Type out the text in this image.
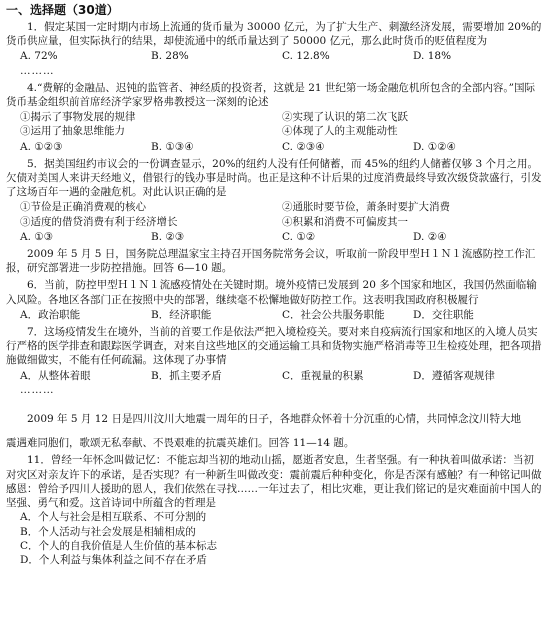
一、选择题（30道）

1．假定某国一定时期内市场上流通的货币量为 30000 亿元，为了扩大生产、刺激经济发展，需要增加 20%的货币供应量，但实际执行的结果，却使流通中的纸币量达到了 50000 亿元，那么此时货币的贬值程度为

A. 72%	B. 28%	C. 12.8%	D. 18%
………

4.“费解的金融品、迟钝的监管者、神经质的投资者，这就是 21 世纪第一场金融危机所包含的全部内容。”国际货币基金组织前首席经济学家罗格弗教授这一深刻的论述

①揭示了事物发展的规律	②实现了认识的第二次飞跃
③运用了抽象思维能力	④体现了人的主观能动性
A. ①②③	B. ①③④	C. ②③④	D. ①②④

5．据美国纽约市议会的一份调查显示，20%的纽约人没有任何储蓄，而 45%的纽约人储蓄仅够 3 个月之用。欠债对美国人来讲天经地义，借银行的钱办事是时尚。也正是这种不计后果的过度消费最终导致次级贷款盛行，引发了这场百年一遇的金融危机。对此认识正确的是

①节俭是正确消费观的核心	②通胀时要节俭，萧条时要扩大消费
③适度的借贷消费有利于经济增长	④积累和消费不可偏废其一
A. ①③	B. ②③	C. ①②	D. ②④

2009 年 5 月 5 日，国务院总理温家宝主持召开国务院常务会议，听取前一阶段甲型Ｈ１Ｎ１流感防控工作汇报，研究部署进一步防控措施。回答 6—10 题。

6．当前，防控甲型Ｈ１Ｎ１流感疫情处在关键时期。境外疫情已发展到 20 多个国家和地区，我国仍然面临输入风险。各地区各部门正在按照中央的部署，继续毫不松懈地做好防控工作。这表明我国政府积极履行

A．政治职能	B．经济职能	C．社会公共服务职能	D．交往职能

7．这场疫情发生在境外，当前的首要工作是依法严把入境检疫关。要对来自疫病流行国家和地区的入境人员实行严格的医学排查和跟踪医学调查，对来自这些地区的交通运输工具和货物实施严格消毒等卫生检疫处理，把各项措施做细做实，不能有任何疏漏。这体现了办事情

A．从整体着眼	B．抓主要矛盾	C．重视量的积累	D．遵循客观规律
………

2009 年 5 月 12 日是四川汶川大地震一周年的日子，各地群众怀着十分沉重的心情，共同悼念汶川特大地

震遇难同胞们，歌颂无私奉献、不畏艰难的抗震英雄们。回答 11—14 题。

11．曾经一年怀念叫做记忆：不能忘却当初的地动山摇，愿逝者安息，生者坚强。有一种执着叫做承诺：当初对灾区对亲友许下的承诺，是否实现？有一种新生叫做改变：震前震后种种变化，你是否深有感触？有一种铭记叫做感恩：曾给予四川人援助的恩人，我们依然在寻找……一年过去了，相比灾难，更让我们铭记的是灾难面前中国人的坚强、勇气和爱。这首诗词中所蕴含的哲理是

A．个人与社会是相互联系、不可分割的
B．个人活动与社会发展是相辅相成的
C．个人的自我价值是人生价值的基本标志
D．个人利益与集体利益之间不存在矛盾
